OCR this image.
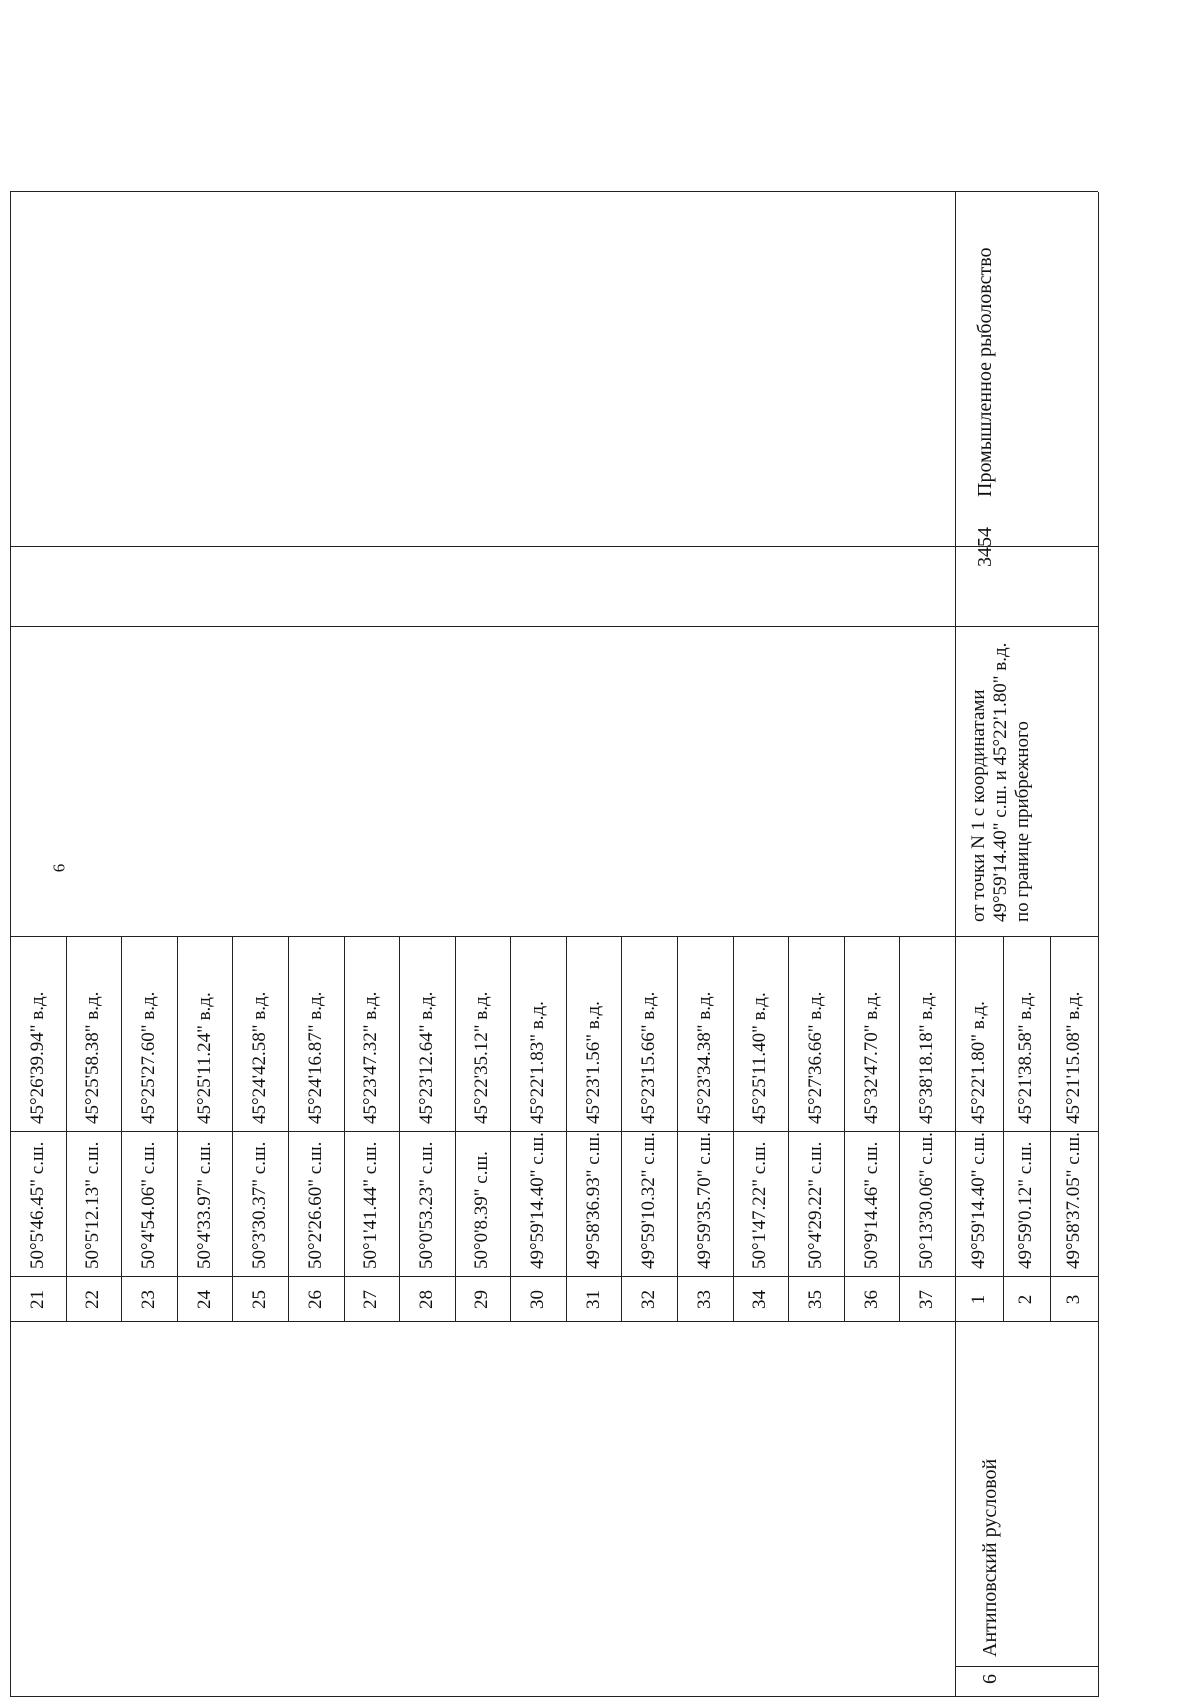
6
6
Антиповский русловой
от точки N 1 с координатами 49°59'14.40" с.ш. и 45°22'1.80" в.д. по границе прибрежного
3454
Промышленное рыболовство
21
50°5'46.45" с.ш.
45°26'39.94" в.д.
22
50°5'12.13" с.ш.
45°25'58.38" в.д.
23
50°4'54.06" с.ш.
45°25'27.60" в.д.
24
50°4'33.97" с.ш.
45°25'11.24" в.д.
25
50°3'30.37" с.ш.
45°24'42.58" в.д.
26
50°2'26.60" с.ш.
45°24'16.87" в.д.
27
50°1'41.44" с.ш.
45°23'47.32" в.д.
28
50°0'53.23" с.ш.
45°23'12.64" в.д.
29
50°0'8.39" с.ш.
45°22'35.12" в.д.
30
49°59'14.40" с.ш.
45°22'1.83" в.д.
31
49°58'36.93" с.ш.
45°23'1.56" в.д.
32
49°59'10.32" с.ш.
45°23'15.66" в.д.
33
49°59'35.70" с.ш.
45°23'34.38" в.д.
34
50°1'47.22" с.ш.
45°25'11.40" в.д.
35
50°4'29.22" с.ш.
45°27'36.66" в.д.
36
50°9'14.46" с.ш.
45°32'47.70" в.д.
37
50°13'30.06" с.ш.
45°38'18.18" в.д.
1
49°59'14.40" с.ш.
45°22'1.80" в.д.
2
49°59'0.12" с.ш.
45°21'38.58" в.д.
3
49°58'37.05" с.ш.
45°21'15.08" в.д.
